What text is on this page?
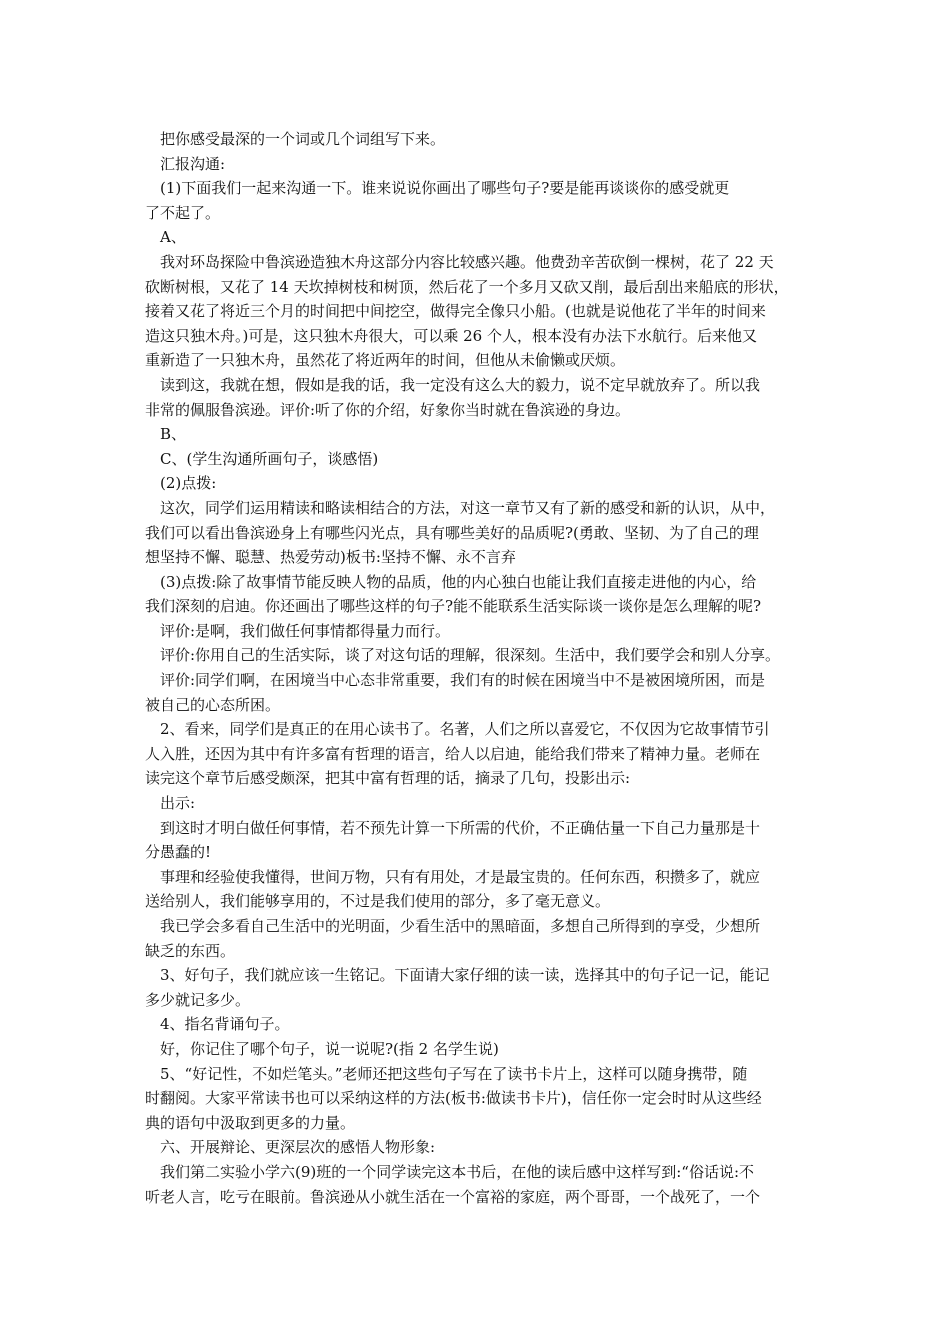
把你感受最深的一个词或几个词组写下来。
汇报沟通:
(1)下面我们一起来沟通一下。谁来说说你画出了哪些句子?要是能再谈谈你的感受就更
了不起了。
A、
我对环岛探险中鲁滨逊造独木舟这部分内容比较感兴趣。他费劲辛苦砍倒一棵树，花了 22 天
砍断树根，又花了 14 天坎掉树枝和树顶，然后花了一个多月又砍又削，最后刮出来船底的形状，
接着又花了将近三个月的时间把中间挖空，做得完全像只小船。(也就是说他花了半年的时间来
造这只独木舟。)可是，这只独木舟很大，可以乘 26 个人，根本没有办法下水航行。后来他又
重新造了一只独木舟，虽然花了将近两年的时间，但他从未偷懒或厌烦。
读到这，我就在想，假如是我的话，我一定没有这么大的毅力，说不定早就放弃了。所以我
非常的佩服鲁滨逊。评价:听了你的介绍，好象你当时就在鲁滨逊的身边。
B、
C、(学生沟通所画句子，谈感悟)
(2)点拨:
这次，同学们运用精读和略读相结合的方法，对这一章节又有了新的感受和新的认识，从中，
我们可以看出鲁滨逊身上有哪些闪光点，具有哪些美好的品质呢?(勇敢、坚韧、为了自己的理
想坚持不懈、聪慧、热爱劳动)板书:坚持不懈、永不言弃
(3)点拨:除了故事情节能反映人物的品质，他的内心独白也能让我们直接走进他的内心，给
我们深刻的启迪。你还画出了哪些这样的句子?能不能联系生活实际谈一谈你是怎么理解的呢?
评价:是啊，我们做任何事情都得量力而行。
评价:你用自己的生活实际，谈了对这句话的理解，很深刻。生活中，我们要学会和别人分享。
评价:同学们啊，在困境当中心态非常重要，我们有的时候在困境当中不是被困境所困，而是
被自己的心态所困。
2、看来，同学们是真正的在用心读书了。名著，人们之所以喜爱它，不仅因为它故事情节引
人入胜，还因为其中有许多富有哲理的语言，给人以启迪，能给我们带来了精神力量。老师在
读完这个章节后感受颇深，把其中富有哲理的话，摘录了几句，投影出示:
出示:
到这时才明白做任何事情，若不预先计算一下所需的代价，不正确估量一下自己力量那是十
分愚蠢的!
事理和经验使我懂得，世间万物，只有有用处，才是最宝贵的。任何东西，积攒多了，就应
送给别人，我们能够享用的，不过是我们使用的部分，多了毫无意义。
我已学会多看自己生活中的光明面，少看生活中的黑暗面，多想自己所得到的享受，少想所
缺乏的东西。
3、好句子，我们就应该一生铭记。下面请大家仔细的读一读，选择其中的句子记一记，能记
多少就记多少。
4、指名背诵句子。
好，你记住了哪个句子，说一说呢?(指 2 名学生说)
5、“好记性，不如烂笔头。”老师还把这些句子写在了读书卡片上，这样可以随身携带，随
时翻阅。大家平常读书也可以采纳这样的方法(板书:做读书卡片)，信任你一定会时时从这些经
典的语句中汲取到更多的力量。
六、开展辩论、更深层次的感悟人物形象:
我们第二实验小学六(9)班的一个同学读完这本书后，在他的读后感中这样写到:“俗话说:不
听老人言，吃亏在眼前。鲁滨逊从小就生活在一个富裕的家庭，两个哥哥，一个战死了，一个
